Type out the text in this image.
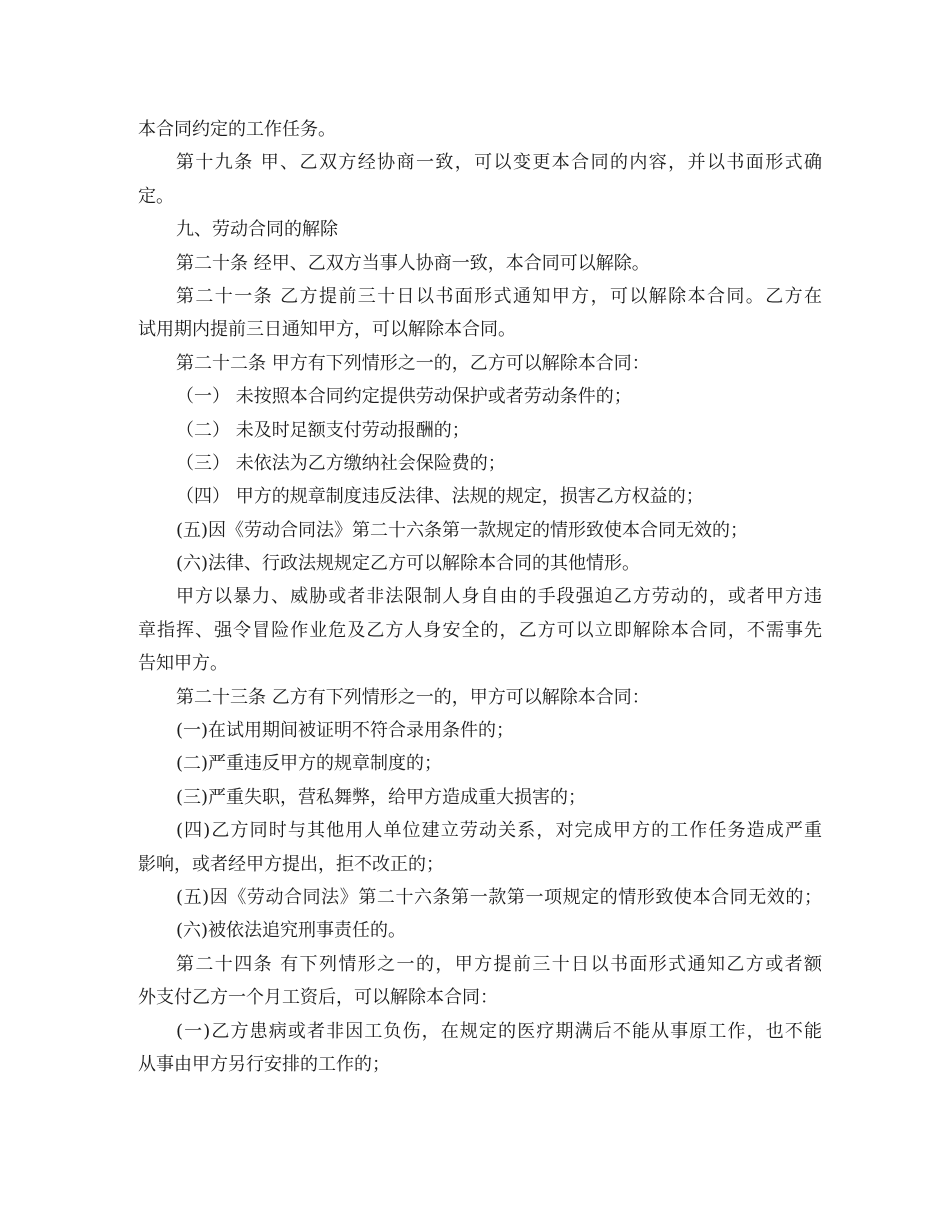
本合同约定的工作任务。
第十九条 甲、乙双方经协商一致，可以变更本合同的内容，并以书面形式确
定。
九、劳动合同的解除
第二十条 经甲、乙双方当事人协商一致，本合同可以解除。
第二十一条 乙方提前三十日以书面形式通知甲方，可以解除本合同。乙方在
试用期内提前三日通知甲方，可以解除本合同。
第二十二条 甲方有下列情形之一的，乙方可以解除本合同：
（一） 未按照本合同约定提供劳动保护或者劳动条件的；
（二） 未及时足额支付劳动报酬的；
（三） 未依法为乙方缴纳社会保险费的；
（四） 甲方的规章制度违反法律、法规的规定，损害乙方权益的；
(五)因《劳动合同法》第二十六条第一款规定的情形致使本合同无效的；
(六)法律、行政法规规定乙方可以解除本合同的其他情形。
甲方以暴力、威胁或者非法限制人身自由的手段强迫乙方劳动的，或者甲方违
章指挥、强令冒险作业危及乙方人身安全的，乙方可以立即解除本合同，不需事先
告知甲方。
第二十三条 乙方有下列情形之一的，甲方可以解除本合同：
(一)在试用期间被证明不符合录用条件的；
(二)严重违反甲方的规章制度的；
(三)严重失职，营私舞弊，给甲方造成重大损害的；
(四)乙方同时与其他用人单位建立劳动关系，对完成甲方的工作任务造成严重
影响，或者经甲方提出，拒不改正的；
(五)因《劳动合同法》第二十六条第一款第一项规定的情形致使本合同无效的；
(六)被依法追究刑事责任的。
第二十四条 有下列情形之一的，甲方提前三十日以书面形式通知乙方或者额
外支付乙方一个月工资后，可以解除本合同：
(一)乙方患病或者非因工负伤，在规定的医疗期满后不能从事原工作，也不能
从事由甲方另行安排的工作的；
